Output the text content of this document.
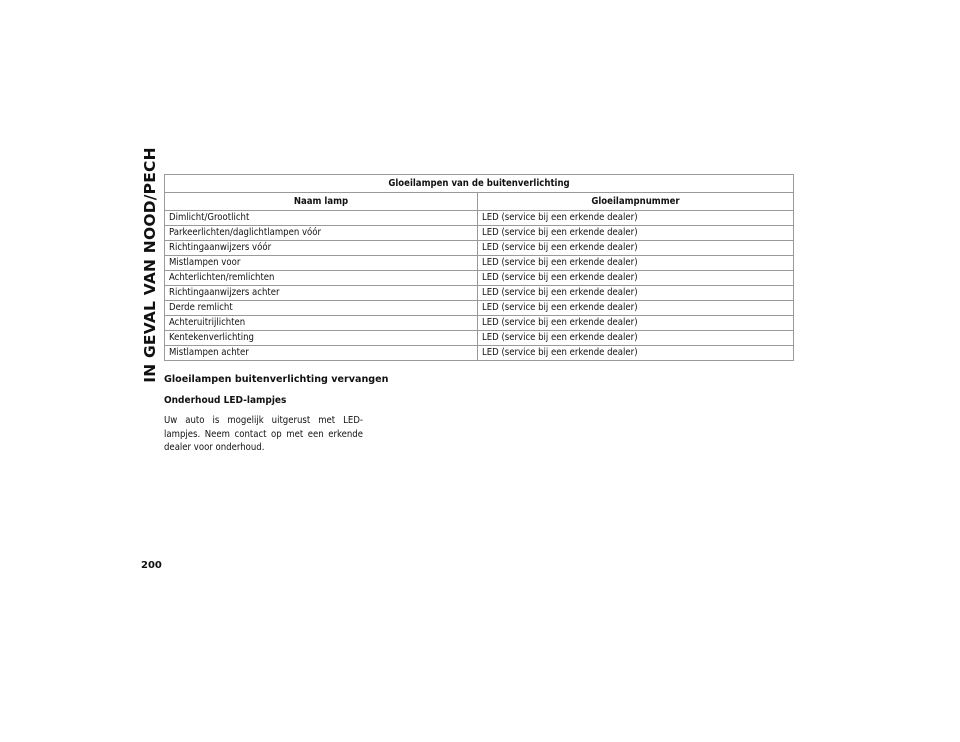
IN GEVAL VAN NOOD/PECH	Gloeilampen van de buitenverlichting	
Naam lamp	Gloeilampnummer
Dimlicht/Grootlicht	LED (service bij een erkende dealer)
Parkeerlichten/daglichtlampen vóór	LED (service bij een erkende dealer)
Richtingaanwijzers vóór	LED (service bij een erkende dealer)
Mistlampen voor	LED (service bij een erkende dealer)
Achterlichten/remlichten	LED (service bij een erkende dealer)
Richtingaanwijzers achter	LED (service bij een erkende dealer)
Derde remlicht	LED (service bij een erkende dealer)
Achteruitrijlichten	LED (service bij een erkende dealer)
Kentekenverlichting	LED (service bij een erkende dealer)
Mistlampen achter	LED (service bij een erkende dealer)
Gloeilampen buitenverlichting vervangen
Onderhoud LED-lampjes
Uw auto is mogelijk uitgerust met LED-lampjes. Neem contact op met een erkende dealer voor onderhoud.
200
